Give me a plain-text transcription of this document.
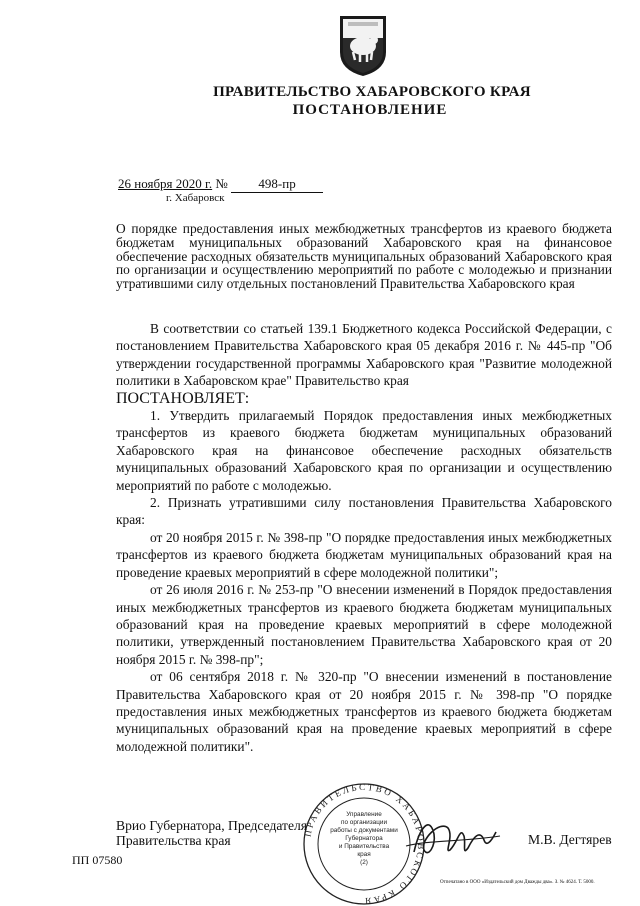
ПРАВИТЕЛЬСТВО ХАБАРОВСКОГО КРАЯ
ПОСТАНОВЛЕНИЕ
26 ноября 2020 г. № 498-пр
г. Хабаровск
О порядке предоставления иных межбюджетных трансфертов из краевого бюджета бюджетам муниципальных образований Хабаровского края на финансовое обеспечение расходных обязательств муниципальных образований Хабаровского края по организации и осуществлению мероприятий по работе с молодежью и признании утратившими силу отдельных постановлений Правительства Хабаровского края

В соответствии со статьей 139.1 Бюджетного кодекса Российской Федерации, с постановлением Правительства Хабаровского края 05 декабря 2016 г. № 445-пр "Об утверждении государственной программы Хабаровского края "Развитие молодежной политики в Хабаровском крае" Правительство края

ПОСТАНОВЛЯЕТ:

1. Утвердить прилагаемый Порядок предоставления иных межбюджетных трансфертов из краевого бюджета бюджетам муниципальных образований Хабаровского края на финансовое обеспечение расходных обязательств муниципальных образований Хабаровского края по организации и осуществлению мероприятий по работе с молодежью.

2. Признать утратившими силу постановления Правительства Хабаровского края:

от 20 ноября 2015 г. № 398-пр "О порядке предоставления иных межбюджетных трансфертов из краевого бюджета бюджетам муниципальных образований края на проведение краевых мероприятий в сфере молодежной политики";

от 26 июля 2016 г. № 253-пр "О внесении изменений в Порядок предоставления иных межбюджетных трансфертов из краевого бюджета бюджетам муниципальных образований края на проведение краевых мероприятий в сфере молодежной политики, утвержденный постановлением Правительства Хабаровского края от 20 ноября 2015 г. № 398-пр";

от 06 сентября 2018 г. № 320-пр "О внесении изменений в постановление Правительства Хабаровского края от 20 ноября 2015 г. № 398-пр "О порядке предоставления иных межбюджетных трансфертов из краевого бюджета бюджетам муниципальных образований края на проведение краевых мероприятий в сфере молодежной политики".

ПРАВИТЕЛЬСТВО ХАБАРОВСКОГО КРАЯ
Управление
по организации
работы с документами
Губернатора
и Правительства
края
(2)
Врио Губернатора, Председателя
Правительства края	М.В. Дегтярев
ПП 07580
Отпечатано в ООО «Издательский дом Дважды два». З. № 4624. Т. 5000.
